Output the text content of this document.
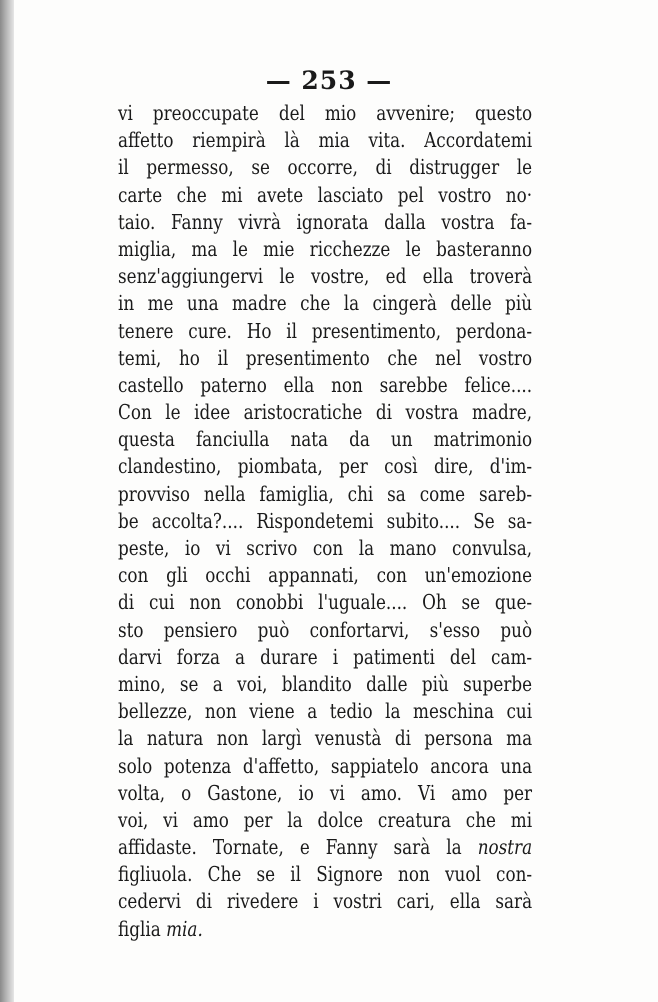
— 253 —
vi preoccupate del mio avvenire; questo
affetto riempirà là mia vita. Accordatemi
il permesso, se occorre, di distrugger le
carte che mi avete lasciato pel vostro no·
taio. Fanny vivrà ignorata dalla vostra fa-
miglia, ma le mie ricchezze le basteranno
senz'aggiungervi le vostre, ed ella troverà
in me una madre che la cingerà delle più
tenere cure. Ho il presentimento, perdona-
temi, ho il presentimento che nel vostro
castello paterno ella non sarebbe felice....
Con le idee aristocratiche di vostra madre,
questa fanciulla nata da un matrimonio
clandestino, piombata, per così dire, d'im-
provviso nella famiglia, chi sa come sareb-
be accolta?.... Rispondetemi subito.... Se sa-
peste, io vi scrivo con la mano convulsa,
con gli occhi appannati, con un'emozione
di cui non conobbi l'uguale.... Oh se que-
sto pensiero può confortarvi, s'esso può
darvi forza a durare i patimenti del cam-
mino, se a voi, blandito dalle più superbe
bellezze, non viene a tedio la meschina cui
la natura non largì venustà di persona ma
solo potenza d'affetto, sappiatelo ancora una
volta, o Gastone, io vi amo. Vi amo per
voi, vi amo per la dolce creatura che mi
affidaste. Tornate, e Fanny sarà la nostra
figliuola. Che se il Signore non vuol con-
cedervi di rivedere i vostri cari, ella sarà
figlia mia.
